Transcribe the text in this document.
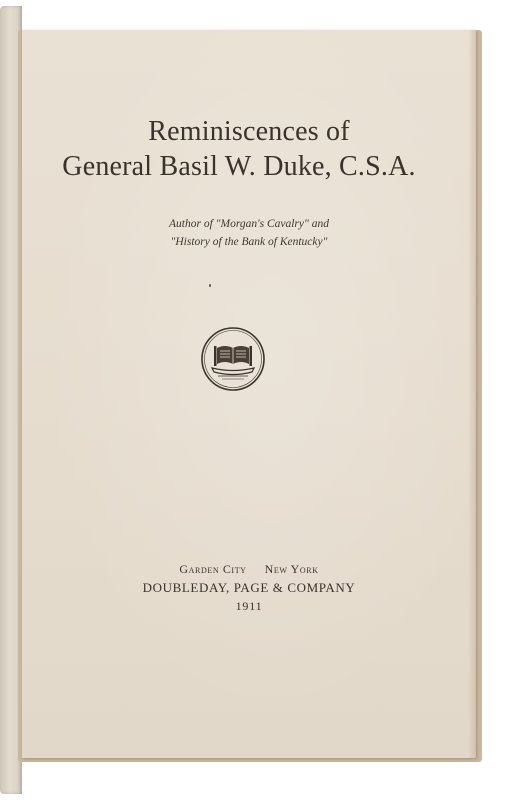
Reminiscences of
General Basil W. Duke, C.S.A.
Author of "Morgan's Cavalry" and
"History of the Bank of Kentucky"
Garden City New York
DOUBLEDAY, PAGE & COMPANY
1911
